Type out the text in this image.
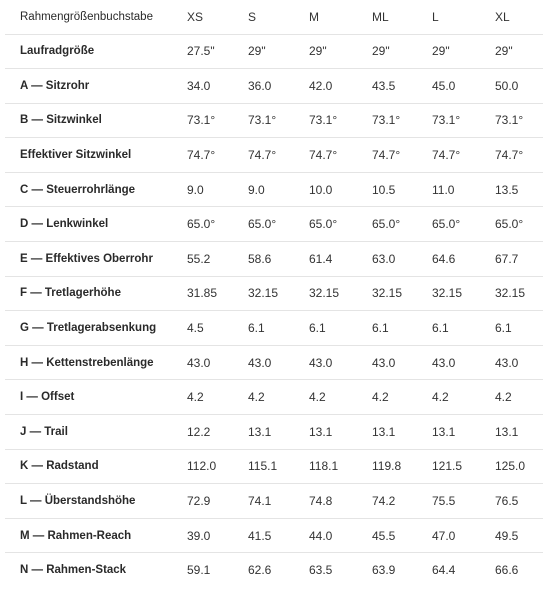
Rahmengrößenbuchstabe	XS	S	M	ML	L	XL
Laufradgröße	27.5"	29"	29"	29"	29"	29"
A — Sitzrohr	34.0	36.0	42.0	43.5	45.0	50.0
B — Sitzwinkel	73.1°	73.1°	73.1°	73.1°	73.1°	73.1°
Effektiver Sitzwinkel	74.7°	74.7°	74.7°	74.7°	74.7°	74.7°
C — Steuerrohrlänge	9.0	9.0	10.0	10.5	11.0	13.5
D — Lenkwinkel	65.0°	65.0°	65.0°	65.0°	65.0°	65.0°
E — Effektives Oberrohr	55.2	58.6	61.4	63.0	64.6	67.7
F — Tretlagerhöhe	31.85	32.15	32.15	32.15	32.15	32.15
G — Tretlagerabsenkung	4.5	6.1	6.1	6.1	6.1	6.1
H — Kettenstrebenlänge	43.0	43.0	43.0	43.0	43.0	43.0
I — Offset	4.2	4.2	4.2	4.2	4.2	4.2
J — Trail	12.2	13.1	13.1	13.1	13.1	13.1
K — Radstand	112.0	115.1	118.1	119.8	121.5	125.0
L — Überstandshöhe	72.9	74.1	74.8	74.2	75.5	76.5
M — Rahmen-Reach	39.0	41.5	44.0	45.5	47.0	49.5
N — Rahmen-Stack	59.1	62.6	63.5	63.9	64.4	66.6
